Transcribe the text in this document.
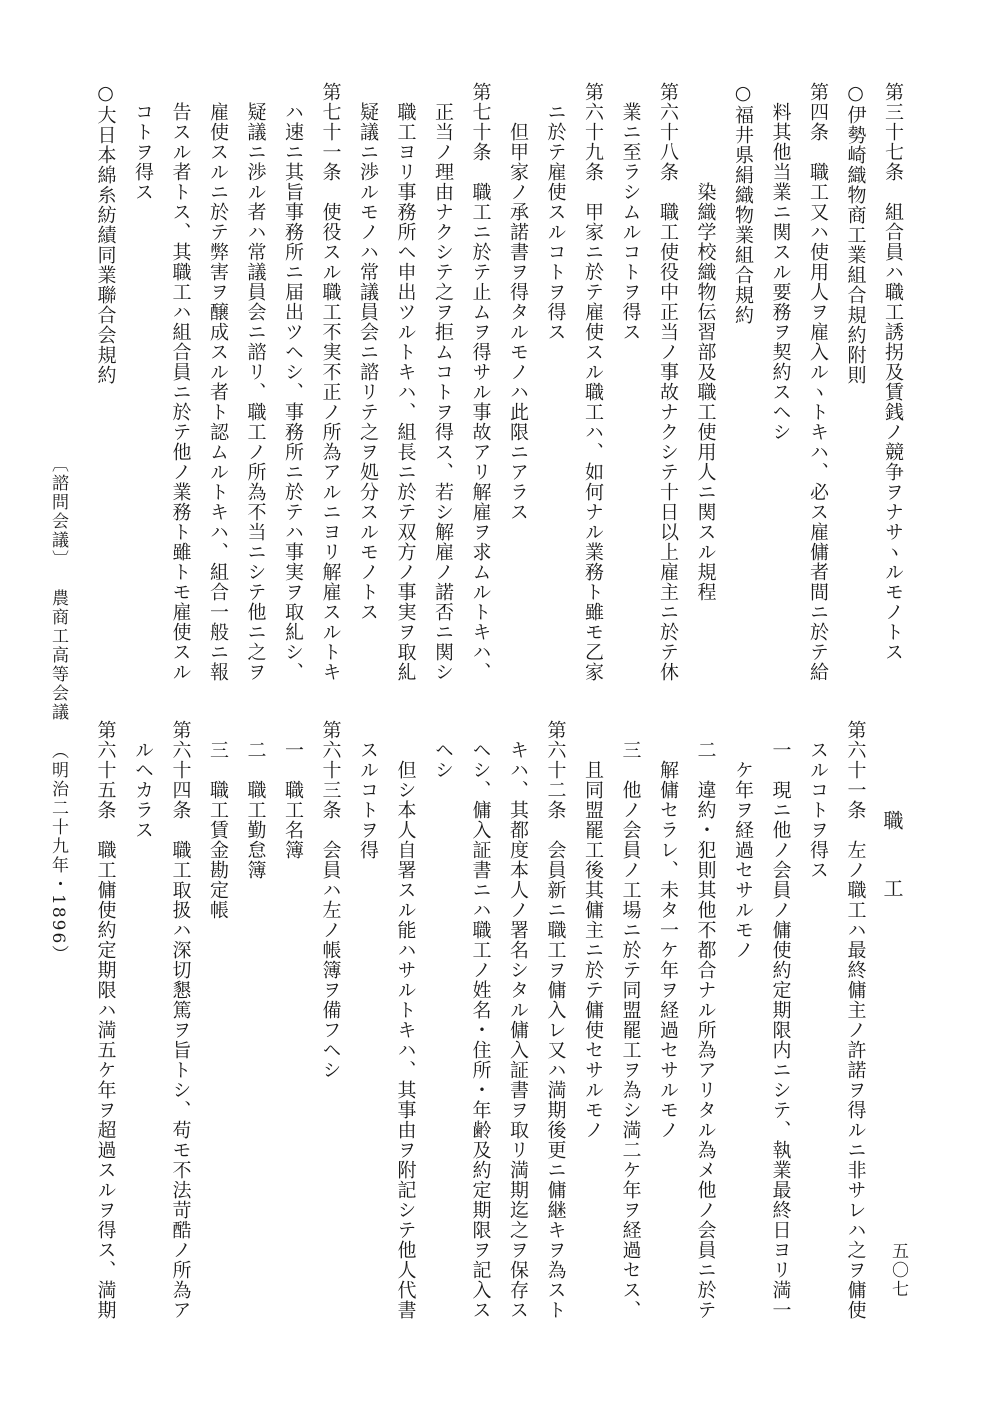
第三十七条　組合員ハ職工誘拐及賃銭ノ競争ヲナサヽルモノトス
○伊勢崎織物商工業組合規約附則
第四条　職工又ハ使用人ヲ雇入ルヽトキハ、必ス雇傭者間ニ於テ給
料其他当業ニ関スル要務ヲ契約スヘシ
○福井県絹織物業組合規約
染織学校織物伝習部及職工使用人ニ関スル規程
第六十八条　職工使役中正当ノ事故ナクシテ十日以上雇主ニ於テ休
業ニ至ラシムルコトヲ得ス
第六十九条　甲家ニ於テ雇使スル職工ハ、如何ナル業務ト雖モ乙家
ニ於テ雇使スルコトヲ得ス
但甲家ノ承諾書ヲ得タルモノハ此限ニアラス
第七十条　職工ニ於テ止ムヲ得サル事故アリ解雇ヲ求ムルトキハ、
正当ノ理由ナクシテ之ヲ拒ムコトヲ得ス、若シ解雇ノ諾否ニ関シ
職工ヨリ事務所ヘ申出ツルトキハ、組長ニ於テ双方ノ事実ヲ取糺
疑議ニ渉ルモノハ常議員会ニ諮リテ之ヲ処分スルモノトス
第七十一条　使役スル職工不実不正ノ所為アルニヨリ解雇スルトキ
ハ速ニ其旨事務所ニ届出ツヘシ、事務所ニ於テハ事実ヲ取糺シ、
疑議ニ渉ル者ハ常議員会ニ諮リ、職工ノ所為不当ニシテ他ニ之ヲ
雇使スルニ於テ弊害ヲ醸成スル者ト認ムルトキハ、組合一般ニ報
告スル者トス、其職工ハ組合員ニ於テ他ノ業務ト雖トモ雇使スル
コトヲ得ス
○大日本綿糸紡績同業聯合会規約
職　工
第六十一条　左ノ職工ハ最終傭主ノ許諾ヲ得ルニ非サレハ之ヲ傭使
スルコトヲ得ス
一　現ニ他ノ会員ノ傭使約定期限内ニシテ、執業最終日ヨリ満一
ケ年ヲ経過セサルモノ
二　違約・犯則其他不都合ナル所為アリタル為メ他ノ会員ニ於テ
解傭セラレ、未タ一ケ年ヲ経過セサルモノ
三　他ノ会員ノ工場ニ於テ同盟罷工ヲ為シ満二ケ年ヲ経過セス、
且同盟罷工後其傭主ニ於テ傭使セサルモノ
第六十二条　会員新ニ職工ヲ傭入レ又ハ満期後更ニ傭継キヲ為スト
キハ、其都度本人ノ署名シタル傭入証書ヲ取リ満期迄之ヲ保存ス
ヘシ、傭入証書ニハ職工ノ姓名・住所・年齢及約定期限ヲ記入ス
ヘシ
但シ本人自署スル能ハサルトキハ、其事由ヲ附記シテ他人代書
スルコトヲ得
第六十三条　会員ハ左ノ帳簿ヲ備フヘシ
一　職工名簿
二　職工勤怠簿
三　職工賃金勘定帳
第六十四条　職工取扱ハ深切懇篤ヲ旨トシ、苟モ不法苛酷ノ所為ア
ルヘカラス
第六十五条　職工傭使約定期限ハ満五ケ年ヲ超過スルヲ得ス、満期
〔諮問会議〕農商工高等会議（明治二十九年・1896）
五〇七
